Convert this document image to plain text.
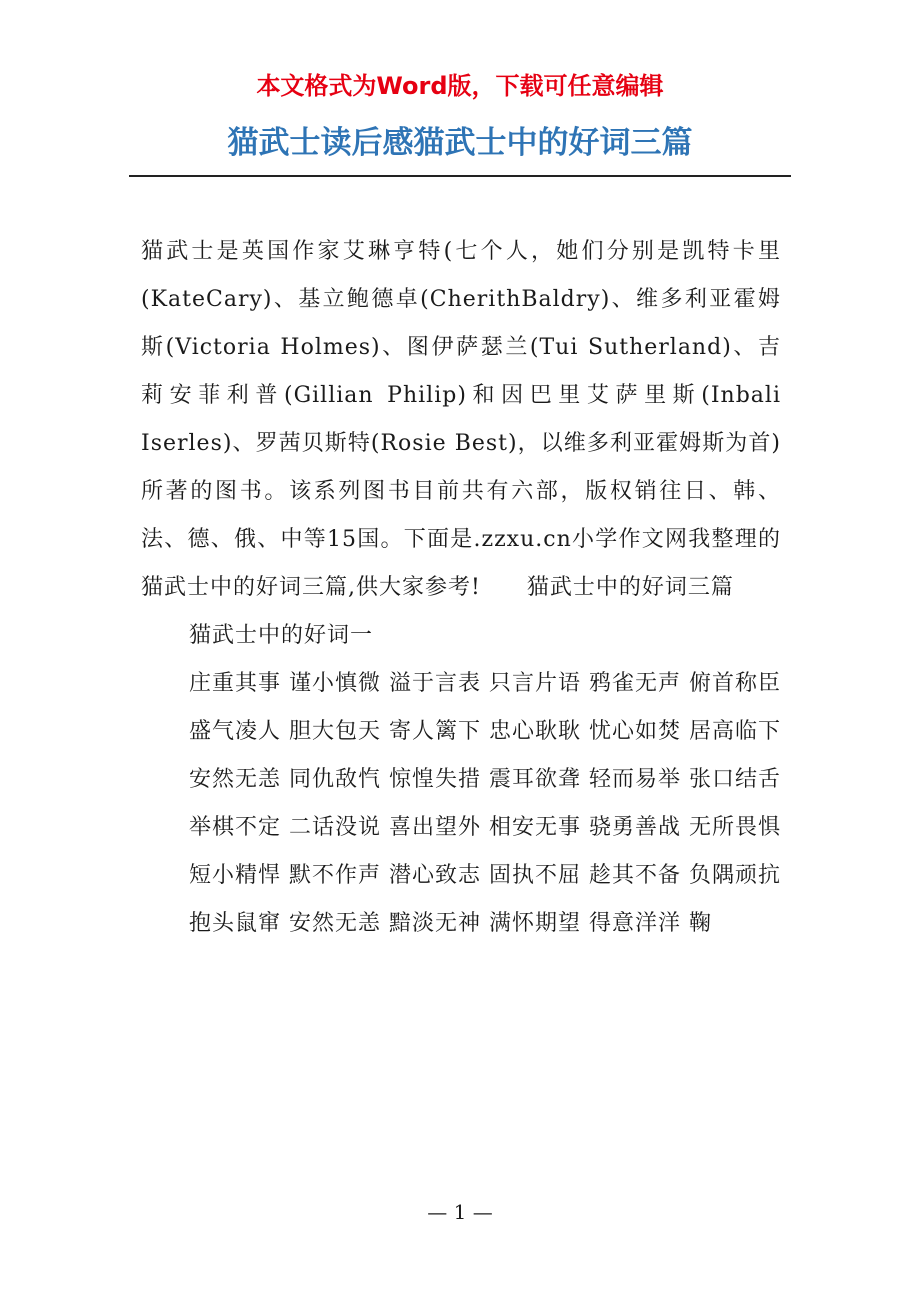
本文格式为Word版，下载可任意编辑
猫武士读后感猫武士中的好词三篇

猫武士是英国作家艾琳亨特(七个人，她们分别是凯特卡里(KateCary)、基立鲍德卓(CherithBaldry)、维多利亚霍姆斯(Victoria Holmes)、图伊萨瑟兰(Tui Sutherland)、吉莉安菲利普(Gillian Philip)和因巴里艾萨里斯(Inbali Iserles)、罗茜贝斯特(Rosie Best)，以维多利亚霍姆斯为首)所著的图书。该系列图书目前共有六部，版权销往日、韩、法、德、俄、中等15国。下面是.zzxu.cn小学作文网我整理的猫武士中的好词三篇,供大家参考!　　猫武士中的好词三篇

猫武士中的好词一

庄重其事 谨小慎微 溢于言表 只言片语 鸦雀无声 俯首称臣

盛气凌人 胆大包天 寄人篱下 忠心耿耿 忧心如焚 居高临下

安然无恙 同仇敌忾 惊惶失措 震耳欲聋 轻而易举 张口结舌

举棋不定 二话没说 喜出望外 相安无事 骁勇善战 无所畏惧

短小精悍 默不作声 潜心致志 固执不屈 趁其不备 负隅顽抗

抱头鼠窜 安然无恙 黯淡无神 满怀期望 得意洋洋 鞠

— 1 —
